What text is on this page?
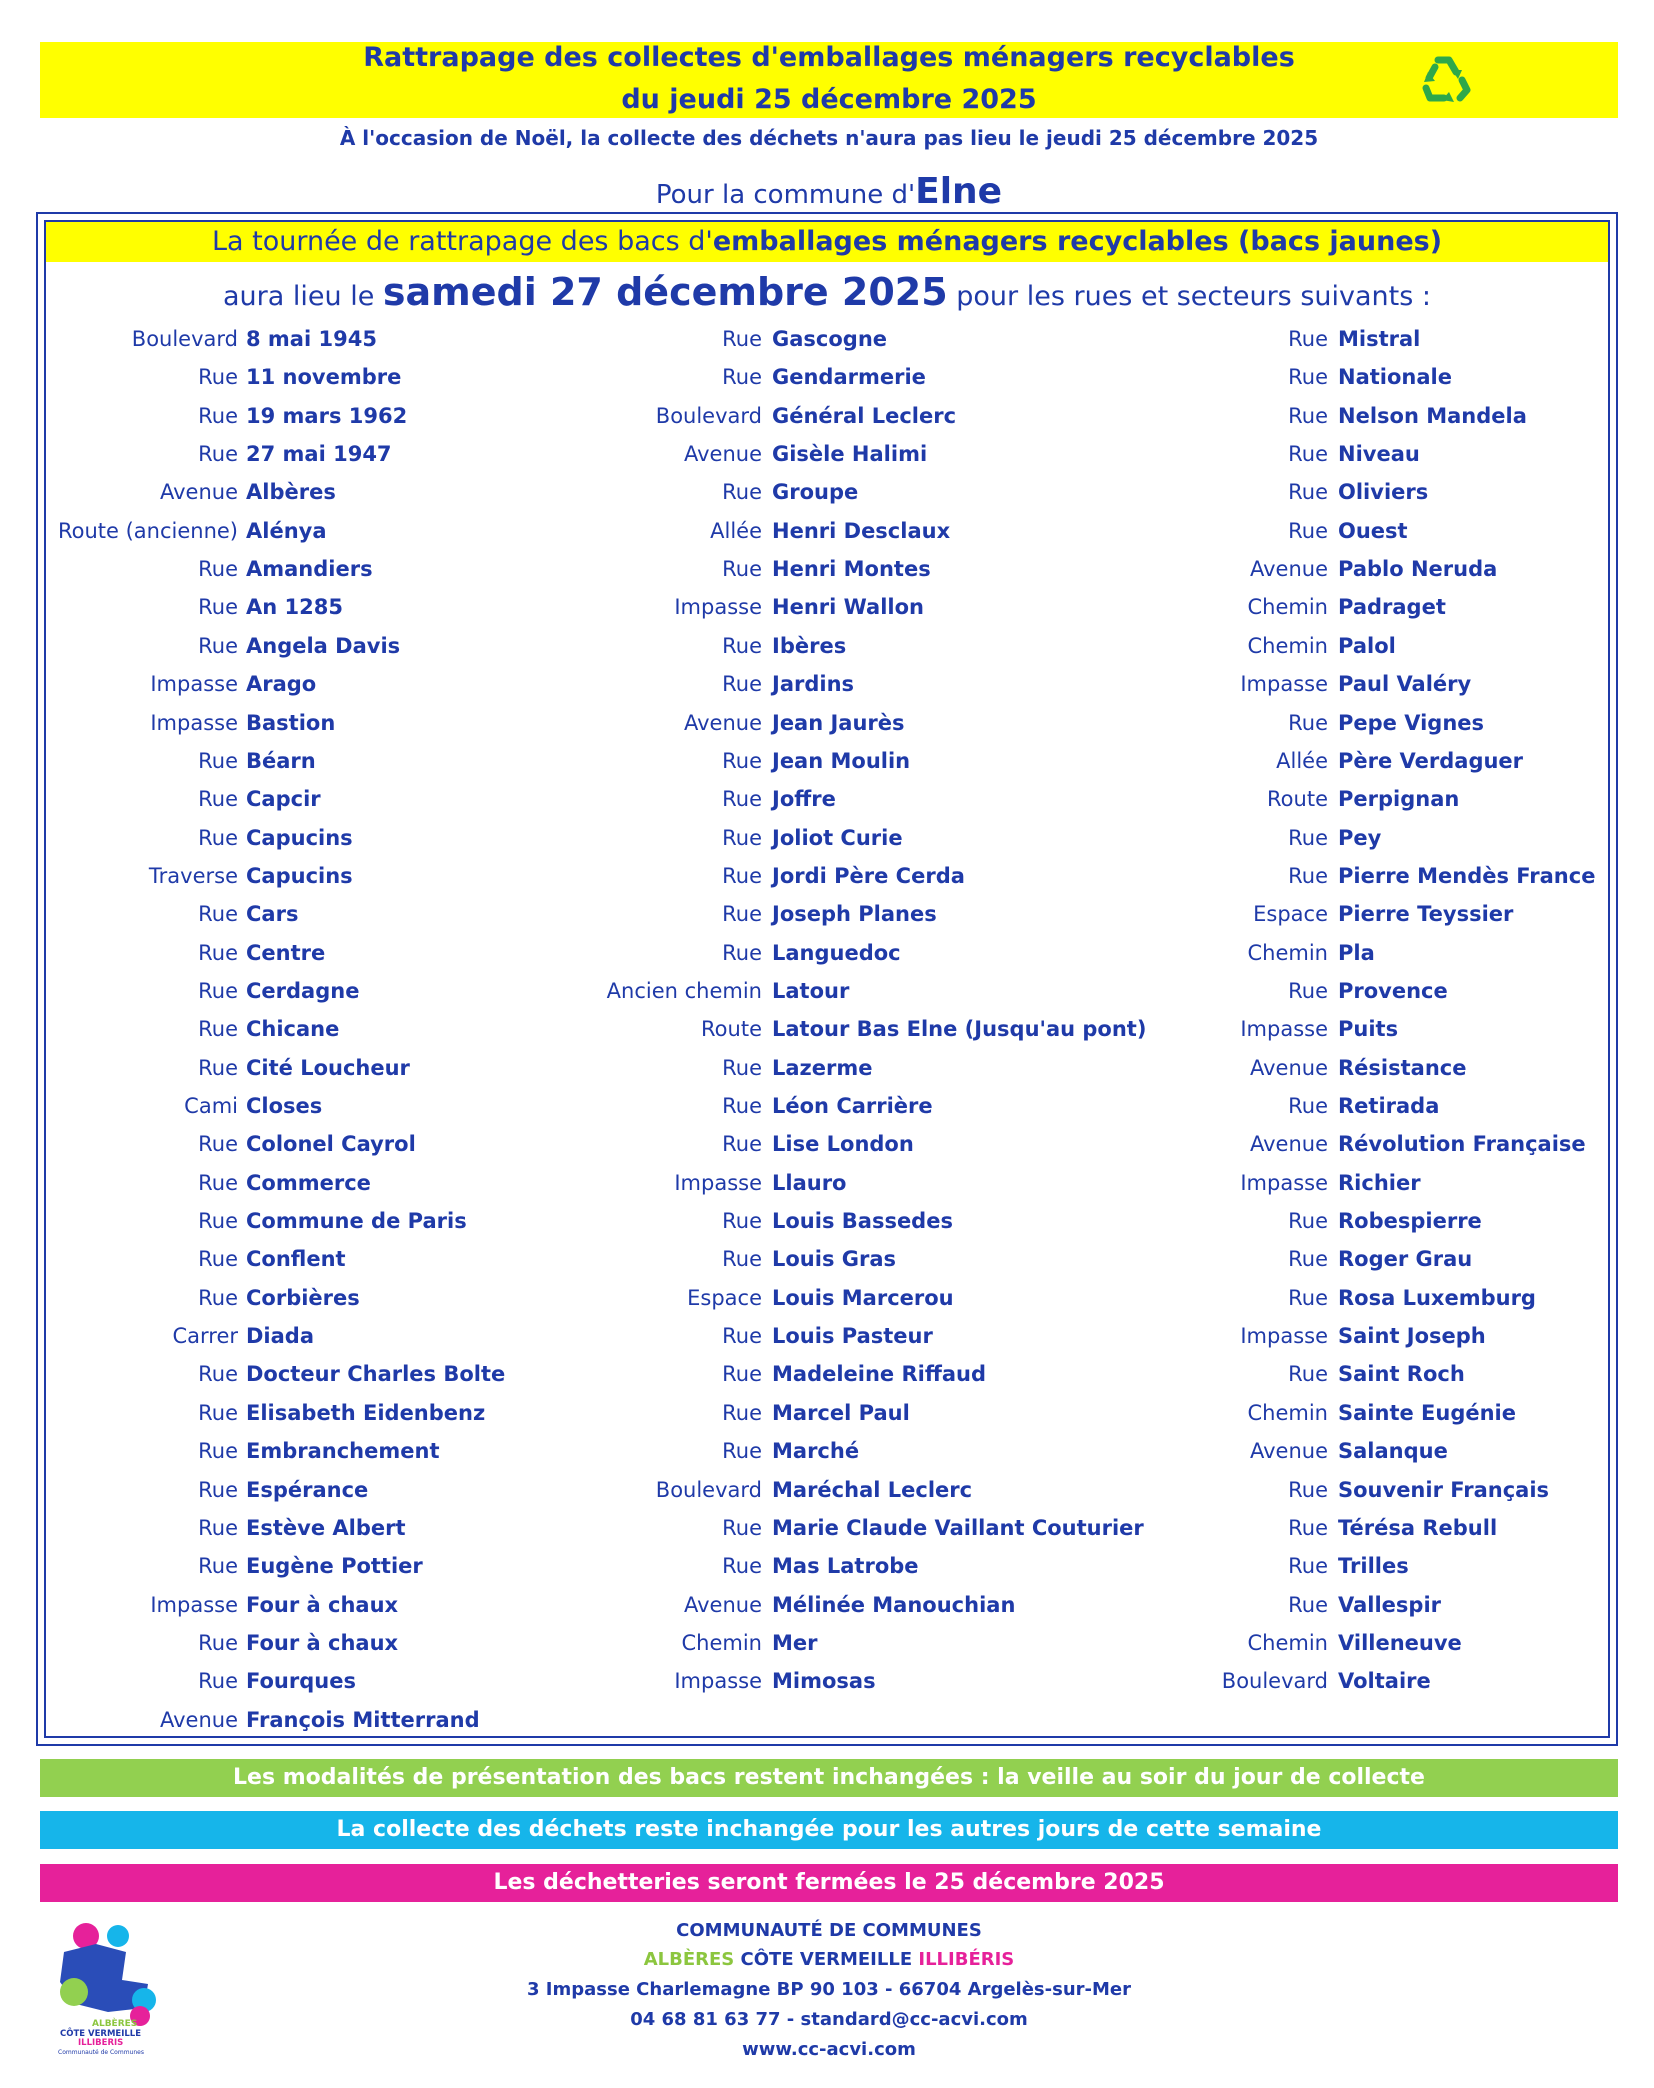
Rattrapage des collectes d'emballages ménagers recyclables
du jeudi 25 décembre 2025
À l'occasion de Noël, la collecte des déchets n'aura pas lieu le jeudi 25 décembre 2025
Pour la commune d'Elne
La tournée de rattrapage des bacs d'emballages ménagers recyclables (bacs jaunes)
aura lieu le samedi 27 décembre 2025 pour les rues et secteurs suivants :
Boulevard 8 mai 1945
Rue 11 novembre
Rue 19 mars 1962
Rue 27 mai 1947
Avenue Albères
Route (ancienne) Alénya
Rue Amandiers
Rue An 1285
Rue Angela Davis
Impasse Arago
Impasse Bastion
Rue Béarn
Rue Capcir
Rue Capucins
Traverse Capucins
Rue Cars
Rue Centre
Rue Cerdagne
Rue Chicane
Rue Cité Loucheur
Cami Closes
Rue Colonel Cayrol
Rue Commerce
Rue Commune de Paris
Rue Conflent
Rue Corbières
Carrer Diada
Rue Docteur Charles Bolte
Rue Elisabeth Eidenbenz
Rue Embranchement
Rue Espérance
Rue Estève Albert
Rue Eugène Pottier
Impasse Four à chaux
Rue Four à chaux
Rue Fourques
Avenue François Mitterrand
Rue Gascogne
Rue Gendarmerie
Boulevard Général Leclerc
Avenue Gisèle Halimi
Rue Groupe
Allée Henri Desclaux
Rue Henri Montes
Impasse Henri Wallon
Rue Ibères
Rue Jardins
Avenue Jean Jaurès
Rue Jean Moulin
Rue Joffre
Rue Joliot Curie
Rue Jordi Père Cerda
Rue Joseph Planes
Rue Languedoc
Ancien chemin Latour
Route Latour Bas Elne (Jusqu'au pont)
Rue Lazerme
Rue Léon Carrière
Rue Lise London
Impasse Llauro
Rue Louis Bassedes
Rue Louis Gras
Espace Louis Marcerou
Rue Louis Pasteur
Rue Madeleine Riffaud
Rue Marcel Paul
Rue Marché
Boulevard Maréchal Leclerc
Rue Marie Claude Vaillant Couturier
Rue Mas Latrobe
Avenue Mélinée Manouchian
Chemin Mer
Impasse Mimosas
Rue Mistral
Rue Nationale
Rue Nelson Mandela
Rue Niveau
Rue Oliviers
Rue Ouest
Avenue Pablo Neruda
Chemin Padraget
Chemin Palol
Impasse Paul Valéry
Rue Pepe Vignes
Allée Père Verdaguer
Route Perpignan
Rue Pey
Rue Pierre Mendès France
Espace Pierre Teyssier
Chemin Pla
Rue Provence
Impasse Puits
Avenue Résistance
Rue Retirada
Avenue Révolution Française
Impasse Richier
Rue Robespierre
Rue Roger Grau
Rue Rosa Luxemburg
Impasse Saint Joseph
Rue Saint Roch
Chemin Sainte Eugénie
Avenue Salanque
Rue Souvenir Français
Rue Térésa Rebull
Rue Trilles
Rue Vallespir
Chemin Villeneuve
Boulevard Voltaire
Les modalités de présentation des bacs restent inchangées : la veille au soir du jour de collecte
La collecte des déchets reste inchangée pour les autres jours de cette semaine
Les déchetteries seront fermées le 25 décembre 2025
ALBÈRES
CÔTE VERMEILLE
ILLIBERIS
Communauté de Communes
COMMUNAUTÉ DE COMMUNES
ALBÈRES CÔTE VERMEILLE ILLIBÉRIS
3 Impasse Charlemagne BP 90 103 - 66704 Argelès-sur-Mer
04 68 81 63 77 - standard@cc-acvi.com
www.cc-acvi.com
